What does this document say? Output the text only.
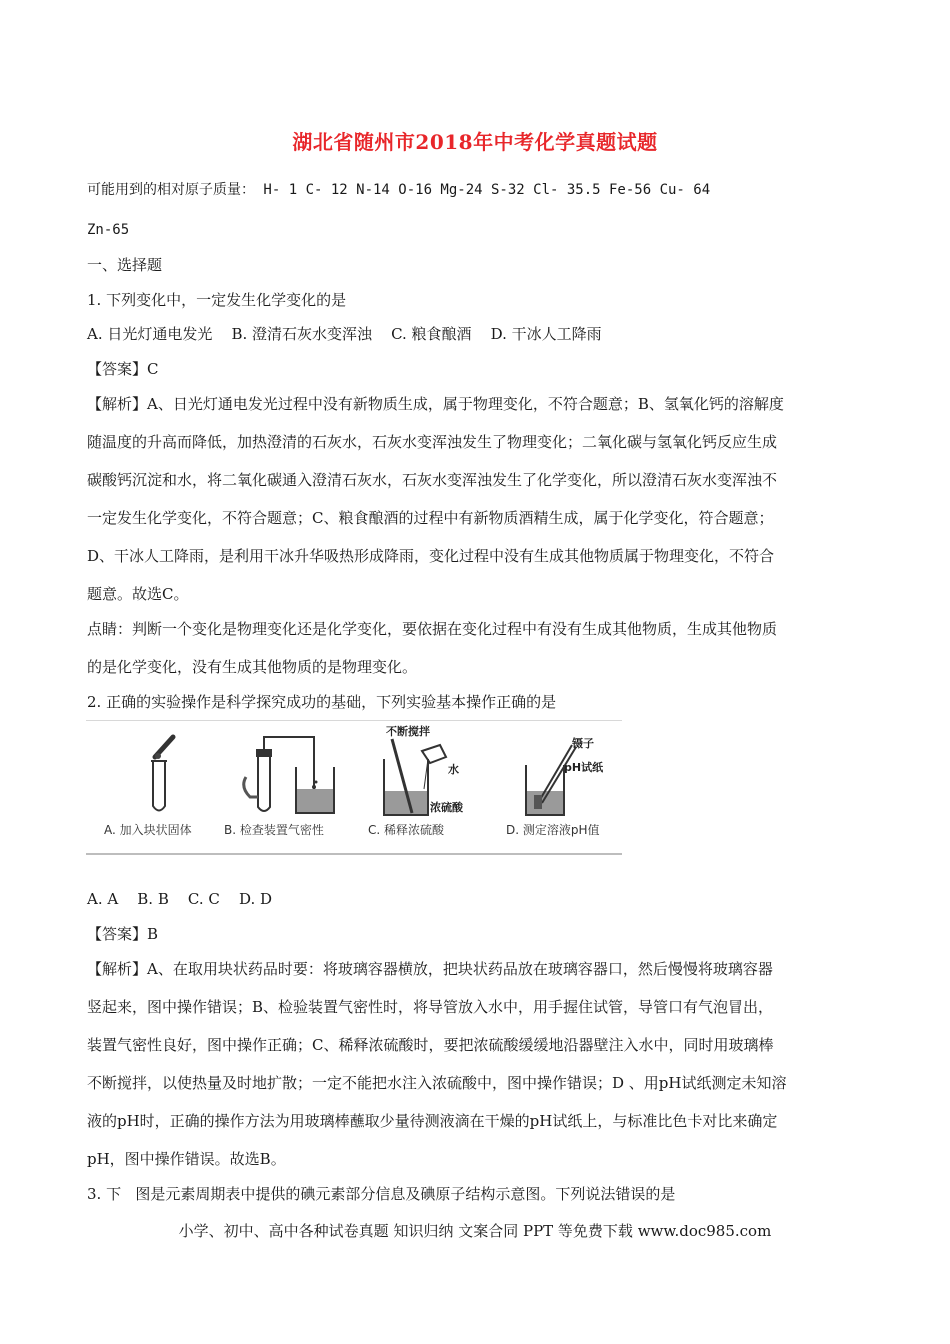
湖北省随州市2018年中考化学真题试题
可能用到的相对原子质量： H- 1 C- 12 N-14 O-16 Mg-24 S-32 Cl- 35.5 Fe-56 Cu- 64
Zn-65
一、选择题
1. 下列变化中，一定发生化学变化的是
A. 日光灯通电发光    B. 澄清石灰水变浑浊    C. 粮食酿酒    D. 干冰人工降雨
【答案】C
【解析】A、日光灯通电发光过程中没有新物质生成，属于物理变化，不符合题意；B、氢氧化钙的溶解度
随温度的升高而降低，加热澄清的石灰水，石灰水变浑浊发生了物理变化；二氧化碳与氢氧化钙反应生成
碳酸钙沉淀和水，将二氧化碳通入澄清石灰水，石灰水变浑浊发生了化学变化，所以澄清石灰水变浑浊不
一定发生化学变化，不符合题意；C、粮食酿酒的过程中有新物质酒精生成，属于化学变化，符合题意；
D、干冰人工降雨，是利用干冰升华吸热形成降雨，变化过程中没有生成其他物质属于物理变化，不符合
题意。故选C。
点睛：判断一个变化是物理变化还是化学变化，要依据在变化过程中有没有生成其他物质，生成其他物质
的是化学变化，没有生成其他物质的是物理变化。
2. 正确的实验操作是科学探究成功的基础，下列实验基本操作正确的是
A. 加入块状固体	B. 检查装置气密性
不断搅拌
水
浓硫酸
C. 稀释浓硫酸
镊子
pH试纸
D. 测定溶液pH值
A. A    B. B    C. C    D. D
【答案】B
【解析】A、在取用块状药品时要：将玻璃容器横放，把块状药品放在玻璃容器口，然后慢慢将玻璃容器
竖起来，图中操作错误；B、检验装置气密性时，将导管放入水中，用手握住试管，导管口有气泡冒出，
装置气密性良好，图中操作正确；C、稀释浓硫酸时，要把浓硫酸缓缓地沿器壁注入水中，同时用玻璃棒
不断搅拌，以使热量及时地扩散；一定不能把水注入浓硫酸中，图中操作错误；D 、用pH试纸测定未知溶
液的pH时，正确的操作方法为用玻璃棒蘸取少量待测液滴在干燥的pH试纸上，与标准比色卡对比来确定
pH，图中操作错误。故选B。
3. 下   图是元素周期表中提供的碘元素部分信息及碘原子结构示意图。下列说法错误的是
小学、初中、高中各种试卷真题 知识归纳 文案合同 PPT 等免费下载 www.doc985.com
